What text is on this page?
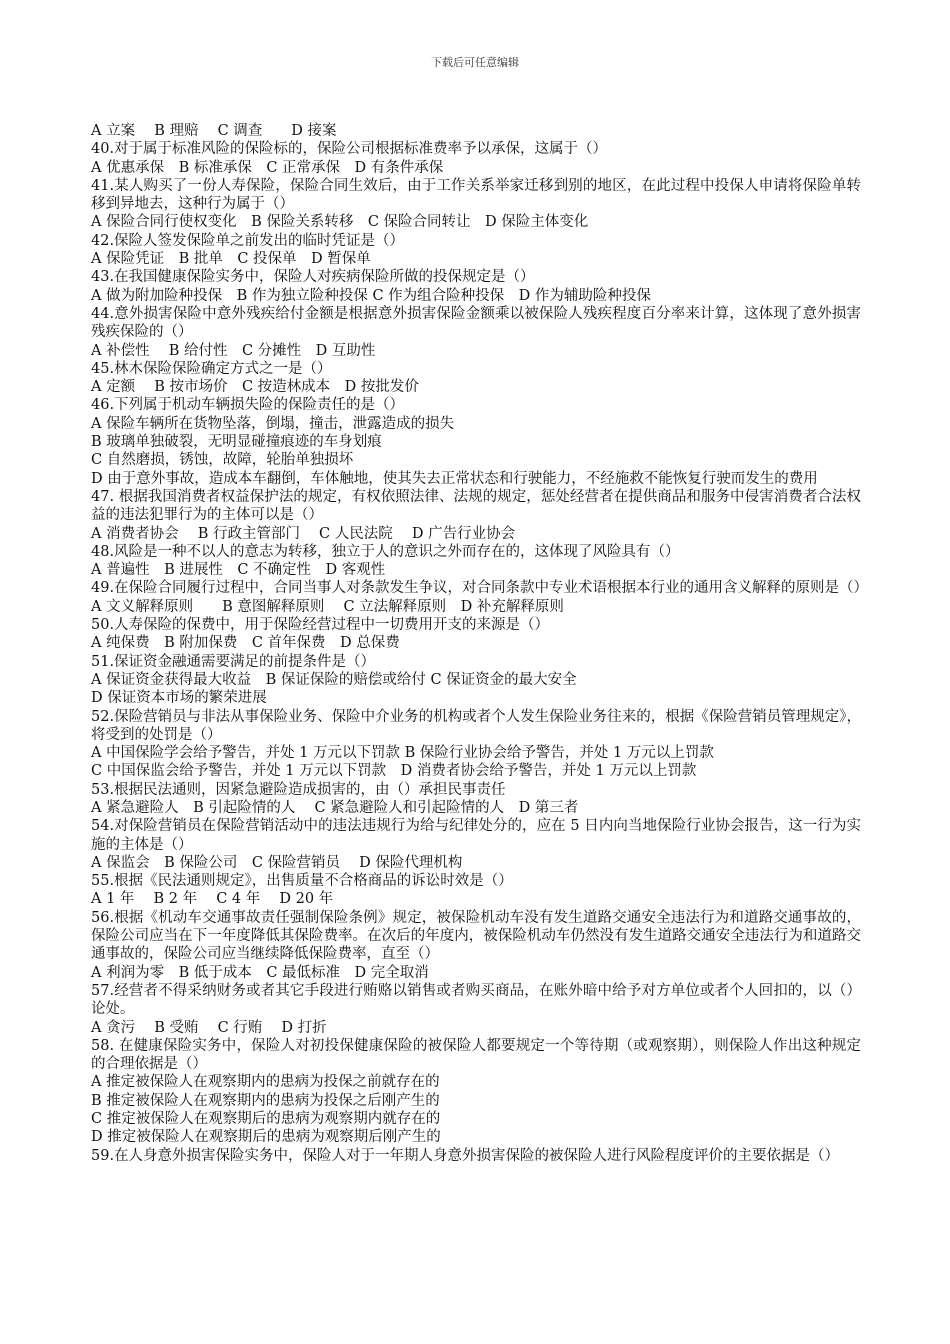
下载后可任意编辑

A 立案　 B 理赔　 C 调查　　D 接案

40.对于属于标准风险的保险标的，保险公司根据标准费率予以承保，这属于（）

A 优惠承保　B 标准承保　C 正常承保　D 有条件承保

41.某人购买了一份人寿保险，保险合同生效后，由于工作关系举家迁移到别的地区，在此过程中投保人申请将保险单转移到异地去，这种行为属于（）

A 保险合同行使权变化　B 保险关系转移　C 保险合同转让　D 保险主体变化

42.保险人签发保险单之前发出的临时凭证是（）

A 保险凭证　B 批单　C 投保单　D 暂保单

43.在我国健康保险实务中，保险人对疾病保险所做的投保规定是（）

A 做为附加险种投保　B 作为独立险种投保 C 作为组合险种投保　D 作为辅助险种投保

44.意外损害保险中意外残疾给付金额是根据意外损害保险金额乘以被保险人残疾程度百分率来计算，这体现了意外损害残疾保险的（）

A 补偿性　 B 给付性　C 分摊性　D 互助性

45.林木保险保险确定方式之一是（）

A 定额　 B 按市场价　C 按造林成本　D 按批发价

46.下列属于机动车辆损失险的保险责任的是（）

A 保险车辆所在货物坠落，倒塌，撞击，泄露造成的损失

B 玻璃单独破裂，无明显碰撞痕迹的车身划痕

C 自然磨损，锈蚀，故障，轮胎单独损坏

D 由于意外事故，造成本车翻倒，车体触地，使其失去正常状态和行驶能力，不经施救不能恢复行驶而发生的费用

47. 根据我国消费者权益保护法的规定，有权依照法律、法规的规定，惩处经营者在提供商品和服务中侵害消费者合法权益的违法犯罪行为的主体可以是（）

A 消费者协会　 B 行政主管部门　 C 人民法院　 D 广告行业协会

48.风险是一种不以人的意志为转移，独立于人的意识之外而存在的，这体现了风险具有（）

A 普遍性　B 进展性　C 不确定性　D 客观性

49.在保险合同履行过程中，合同当事人对条款发生争议，对合同条款中专业术语根据本行业的通用含义解释的原则是（）

A 文义解释原则　　B 意图解释原则　 C 立法解释原则　D 补充解释原则

50.人寿保险的保费中，用于保险经营过程中一切费用开支的来源是（）

A 纯保费　B 附加保费　C 首年保费　D 总保费

51.保证资金融通需要满足的前提条件是（）

A 保证资金获得最大收益　B 保证保险的赔偿或给付 C 保证资金的最大安全

D 保证资本市场的繁荣进展

52.保险营销员与非法从事保险业务、保险中介业务的机构或者个人发生保险业务往来的，根据《保险营销员管理规定》，将受到的处罚是（）

A 中国保险学会给予警告，并处 1 万元以下罚款 B 保险行业协会给予警告，并处 1 万元以上罚款

C 中国保监会给予警告，并处 1 万元以下罚款　D 消费者协会给予警告，并处 1 万元以上罚款

53.根据民法通则，因紧急避险造成损害的，由（）承担民事责任

A 紧急避险人　B 引起险情的人　 C 紧急避险人和引起险情的人　D 第三者

54.对保险营销员在保险营销活动中的违法违规行为给与纪律处分的，应在 5 日内向当地保险行业协会报告，这一行为实施的主体是（）

A 保监会　B 保险公司　C 保险营销员　 D 保险代理机构

55.根据《民法通则规定》，出售质量不合格商品的诉讼时效是（）

A 1 年　 B 2 年　 C 4 年　 D 20 年

56.根据《机动车交通事故责任强制保险条例》规定，被保险机动车没有发生道路交通安全违法行为和道路交通事故的，保险公司应当在下一年度降低其保险费率。在次后的年度内，被保险机动车仍然没有发生道路交通安全违法行为和道路交通事故的，保险公司应当继续降低保险费率，直至（）

A 利润为零　B 低于成本　C 最低标准　D 完全取消

57.经营者不得采纳财务或者其它手段进行贿赂以销售或者购买商品，在账外暗中给予对方单位或者个人回扣的，以（）论处。

A 贪污　 B 受贿　 C 行贿　 D 打折

58. 在健康保险实务中，保险人对初投保健康保险的被保险人都要规定一个等待期（或观察期），则保险人作出这种规定的合理依据是（）

A 推定被保险人在观察期内的患病为投保之前就存在的

B 推定被保险人在观察期内的患病为投保之后刚产生的

C 推定被保险人在观察期后的患病为观察期内就存在的

D 推定被保险人在观察期后的患病为观察期后刚产生的

59.在人身意外损害保险实务中，保险人对于一年期人身意外损害保险的被保险人进行风险程度评价的主要依据是（）
